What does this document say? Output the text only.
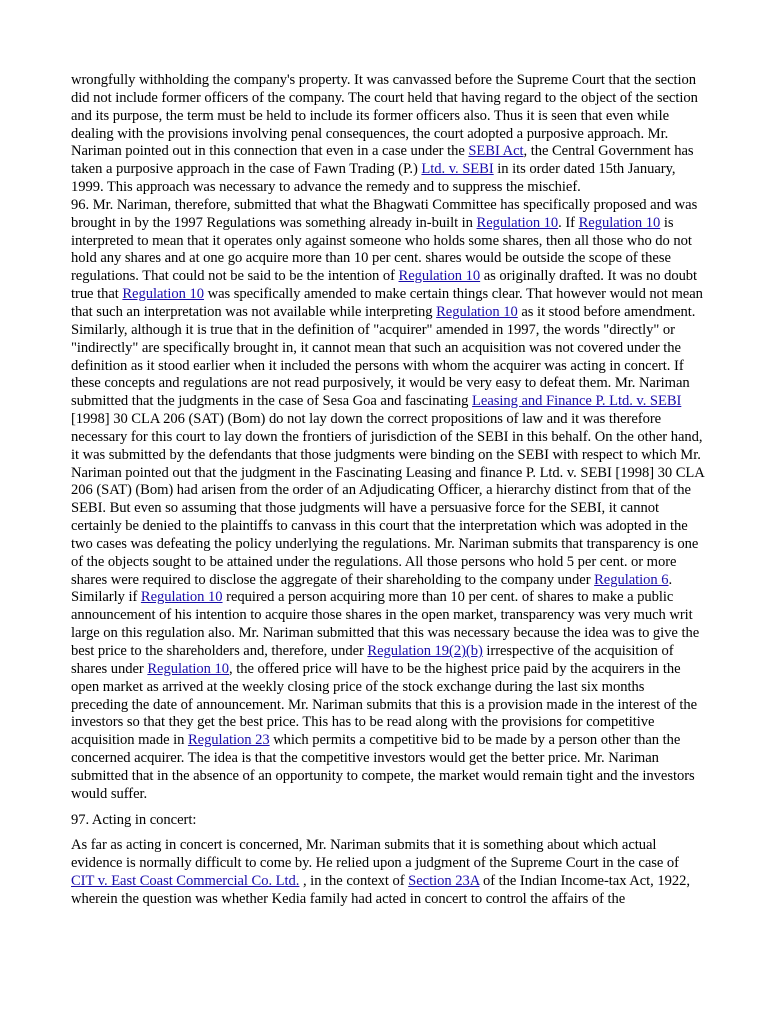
wrongfully withholding the company's property. It was canvassed before the Supreme Court that the section did not include former officers of the company. The court held that having regard to the object of the section and its purpose, the term must be held to include its former officers also. Thus it is seen that even while dealing with the provisions involving penal consequences, the court adopted a purposive approach. Mr. Nariman pointed out in this connection that even in a case under the SEBI Act, the Central Government has taken a purposive approach in the case of Fawn Trading (P.) Ltd. v. SEBI in its order dated 15th January, 1999. This approach was necessary to advance the remedy and to suppress the mischief.

96. Mr. Nariman, therefore, submitted that what the Bhagwati Committee has specifically proposed and was brought in by the 1997 Regulations was something already in-built in Regulation 10. If Regulation 10 is interpreted to mean that it operates only against someone who holds some shares, then all those who do not hold any shares and at one go acquire more than 10 per cent. shares would be outside the scope of these regulations. That could not be said to be the intention of Regulation 10 as originally drafted. It was no doubt true that Regulation 10 was specifically amended to make certain things clear. That however would not mean that such an interpretation was not available while interpreting Regulation 10 as it stood before amendment. Similarly, although it is true that in the definition of "acquirer" amended in 1997, the words "directly" or "indirectly" are specifically brought in, it cannot mean that such an acquisition was not covered under the definition as it stood earlier when it included the persons with whom the acquirer was acting in concert. If these concepts and regulations are not read purposively, it would be very easy to defeat them. Mr. Nariman submitted that the judgments in the case of Sesa Goa and fascinating Leasing and Finance P. Ltd. v. SEBI [1998] 30 CLA 206 (SAT) (Bom) do not lay down the correct propositions of law and it was therefore necessary for this court to lay down the frontiers of jurisdiction of the SEBI in this behalf. On the other hand, it was submitted by the defendants that those judgments were binding on the SEBI with respect to which Mr. Nariman pointed out that the judgment in the Fascinating Leasing and finance P. Ltd. v. SEBI [1998] 30 CLA 206 (SAT) (Bom) had arisen from the order of an Adjudicating Officer, a hierarchy distinct from that of the SEBI. But even so assuming that those judgments will have a persuasive force for the SEBI, it cannot certainly be denied to the plaintiffs to canvass in this court that the interpretation which was adopted in the two cases was defeating the policy underlying the regulations. Mr. Nariman submits that transparency is one of the objects sought to be attained under the regulations. All those persons who hold 5 per cent. or more shares were required to disclose the aggregate of their shareholding to the company under Regulation 6. Similarly if Regulation 10 required a person acquiring more than 10 per cent. of shares to make a public announcement of his intention to acquire those shares in the open market, transparency was very much writ large on this regulation also. Mr. Nariman submitted that this was necessary because the idea was to give the best price to the shareholders and, therefore, under Regulation 19(2)(b) irrespective of the acquisition of shares under Regulation 10, the offered price will have to be the highest price paid by the acquirers in the open market as arrived at the weekly closing price of the stock exchange during the last six months preceding the date of announcement. Mr. Nariman submits that this is a provision made in the interest of the investors so that they get the best price. This has to be read along with the provisions for competitive acquisition made in Regulation 23 which permits a competitive bid to be made by a person other than the concerned acquirer. The idea is that the competitive investors would get the better price. Mr. Nariman submitted that in the absence of an opportunity to compete, the market would remain tight and the investors would suffer.

97. Acting in concert:

As far as acting in concert is concerned, Mr. Nariman submits that it is something about which actual evidence is normally difficult to come by. He relied upon a judgment of the Supreme Court in the case of CIT v. East Coast Commercial Co. Ltd. , in the context of Section 23A of the Indian Income-tax Act, 1922, wherein the question was whether Kedia family had acted in concert to control the affairs of the
